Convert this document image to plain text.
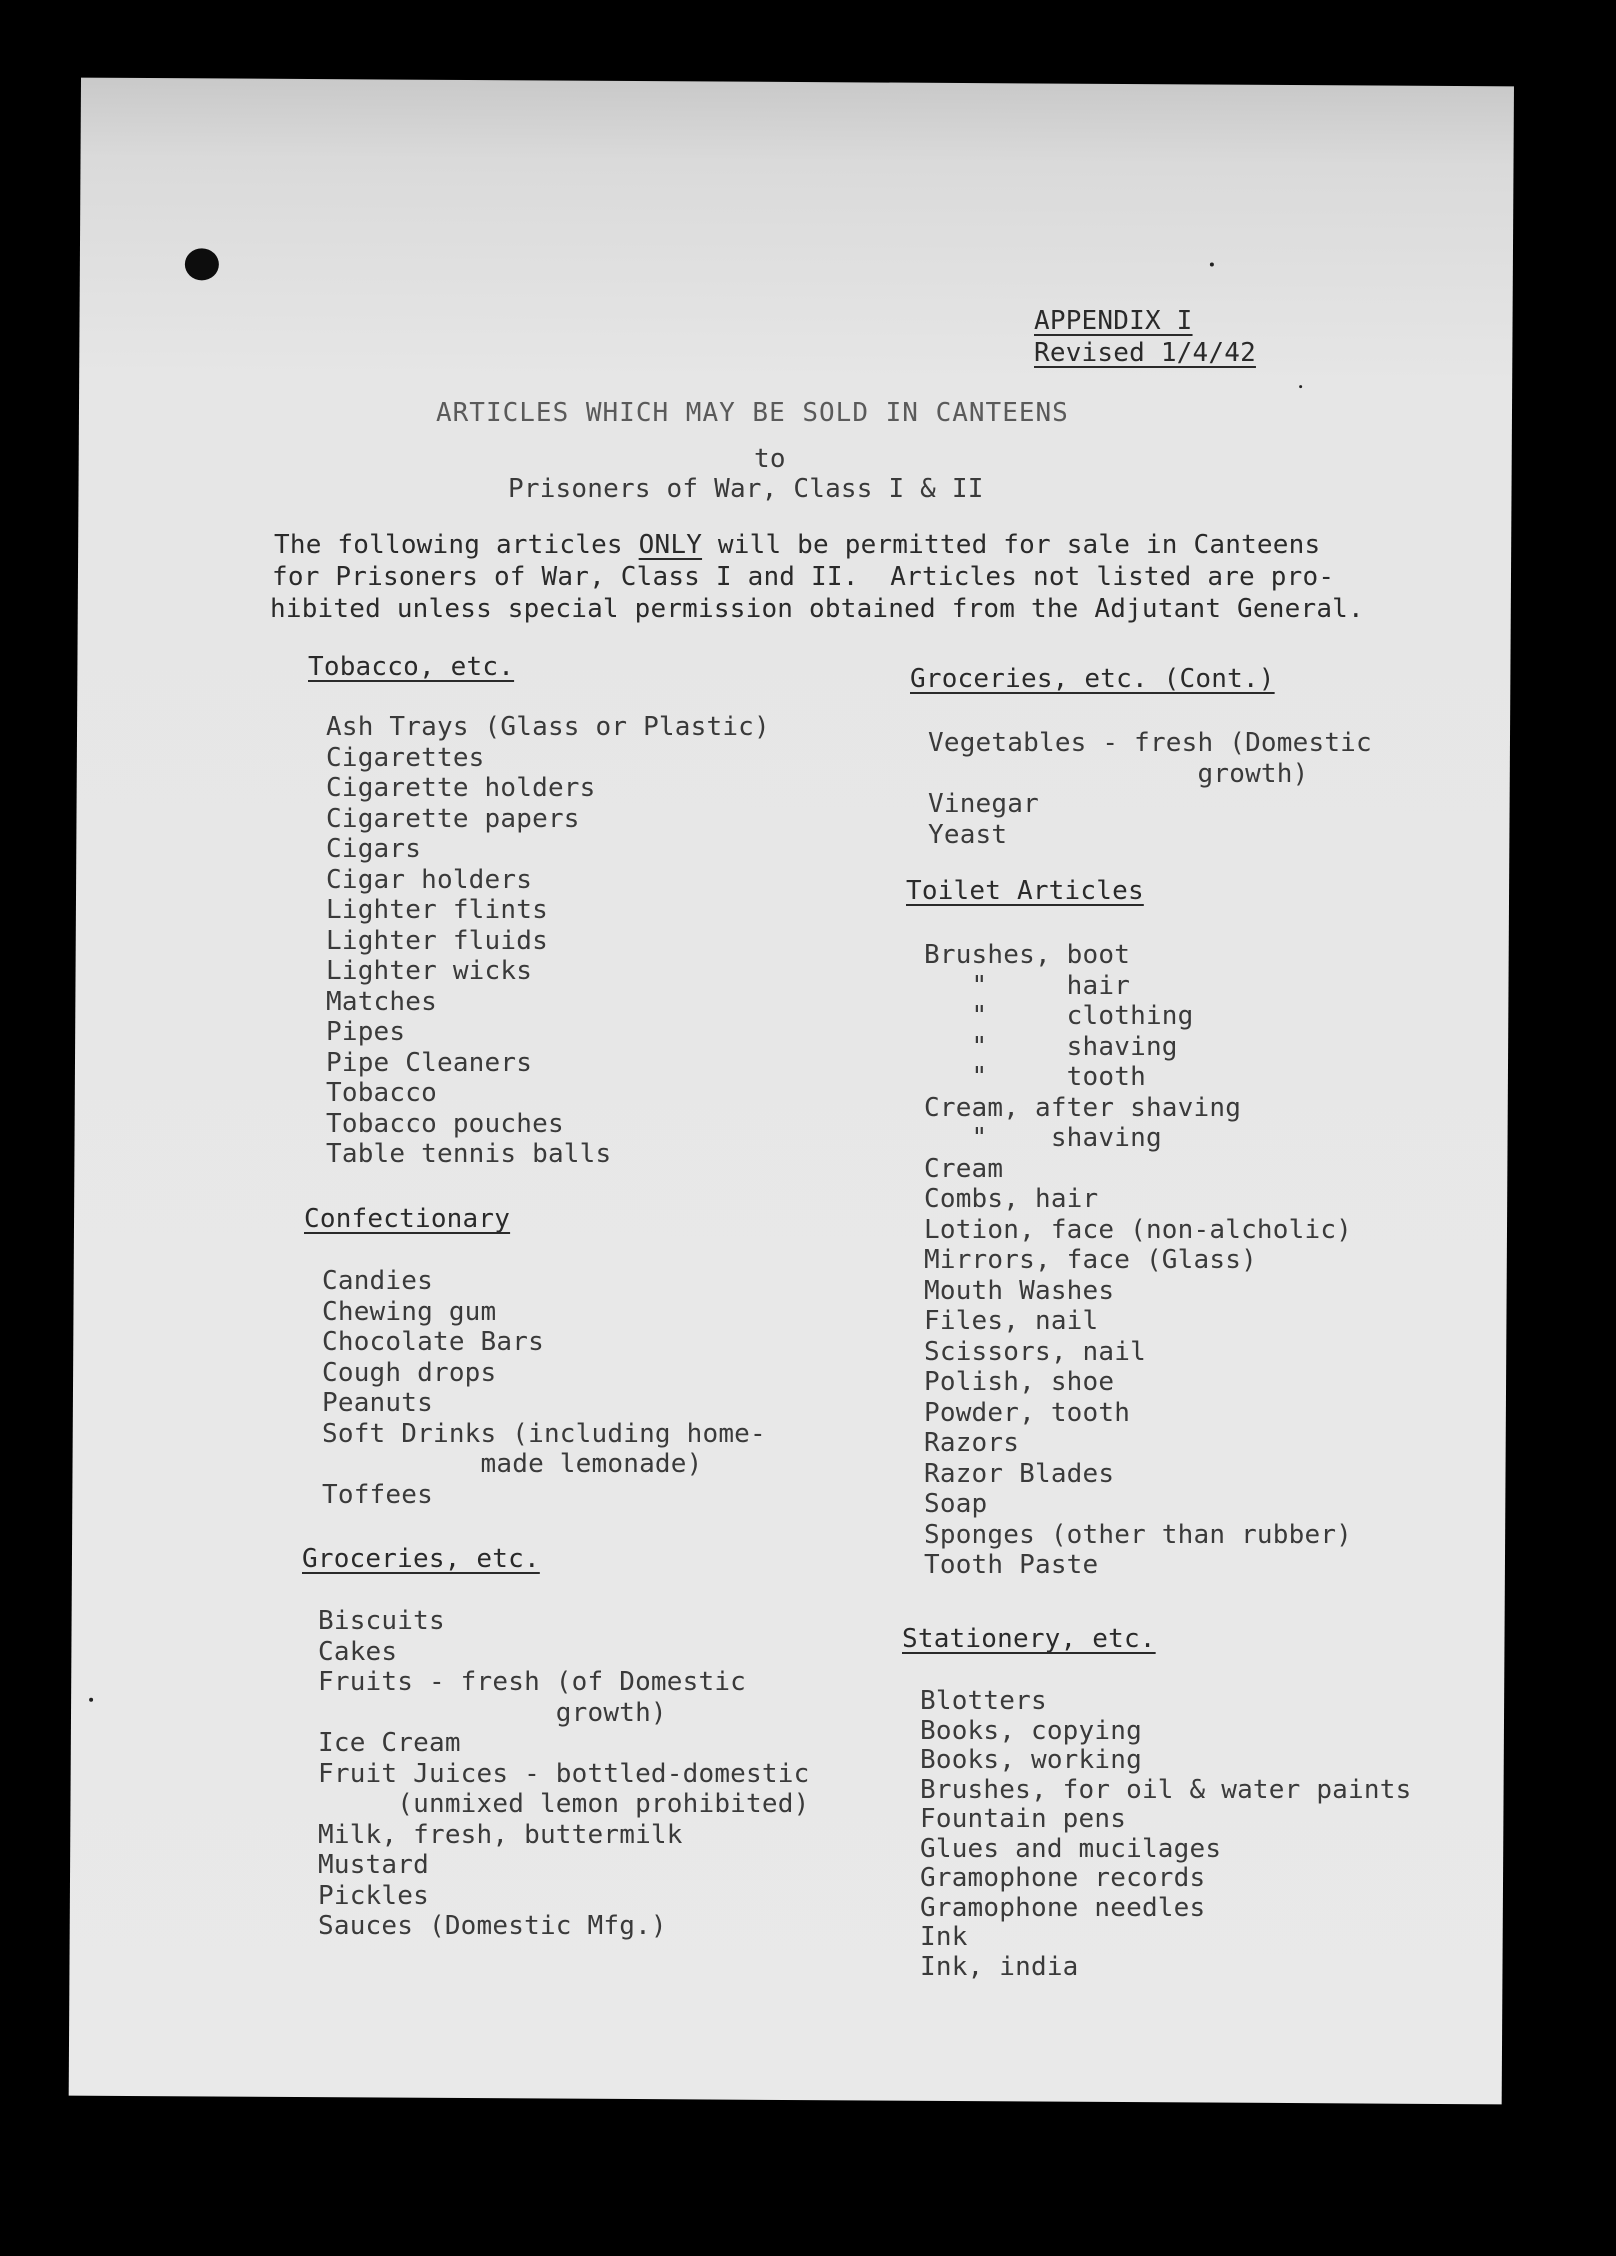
APPENDIX I
Revised 1/4/42
ARTICLES WHICH MAY BE SOLD IN CANTEENS
to
Prisoners of War, Class I & II
The following articles ONLY will be permitted for sale in Canteens
for Prisoners of War, Class I and II.  Articles not listed are pro-
hibited unless special permission obtained from the Adjutant General.
Tobacco, etc.
Ash Trays (Glass or Plastic)
Cigarettes
Cigarette holders
Cigarette papers
Cigars
Cigar holders
Lighter flints
Lighter fluids
Lighter wicks
Matches
Pipes
Pipe Cleaners
Tobacco
Tobacco pouches
Table tennis balls
Confectionary
Candies
Chewing gum
Chocolate Bars
Cough drops
Peanuts
Soft Drinks (including home-
made lemonade)
Toffees
Groceries, etc.
Biscuits
Cakes
Fruits - fresh (of Domestic
growth)
Ice Cream
Fruit Juices - bottled-domestic
(unmixed lemon prohibited)
Milk, fresh, buttermilk
Mustard
Pickles
Sauces (Domestic Mfg.)
Groceries, etc. (Cont.)
Vegetables - fresh (Domestic
growth)
Vinegar
Yeast
Toilet Articles
Brushes, boot
"     hair
"     clothing
"     shaving
"     tooth
Cream, after shaving
"    shaving
Cream
Combs, hair
Lotion, face (non-alcholic)
Mirrors, face (Glass)
Mouth Washes
Files, nail
Scissors, nail
Polish, shoe
Powder, tooth
Razors
Razor Blades
Soap
Sponges (other than rubber)
Tooth Paste
Stationery, etc.
Blotters
Books, copying
Books, working
Brushes, for oil & water paints
Fountain pens
Glues and mucilages
Gramophone records
Gramophone needles
Ink
Ink, india
